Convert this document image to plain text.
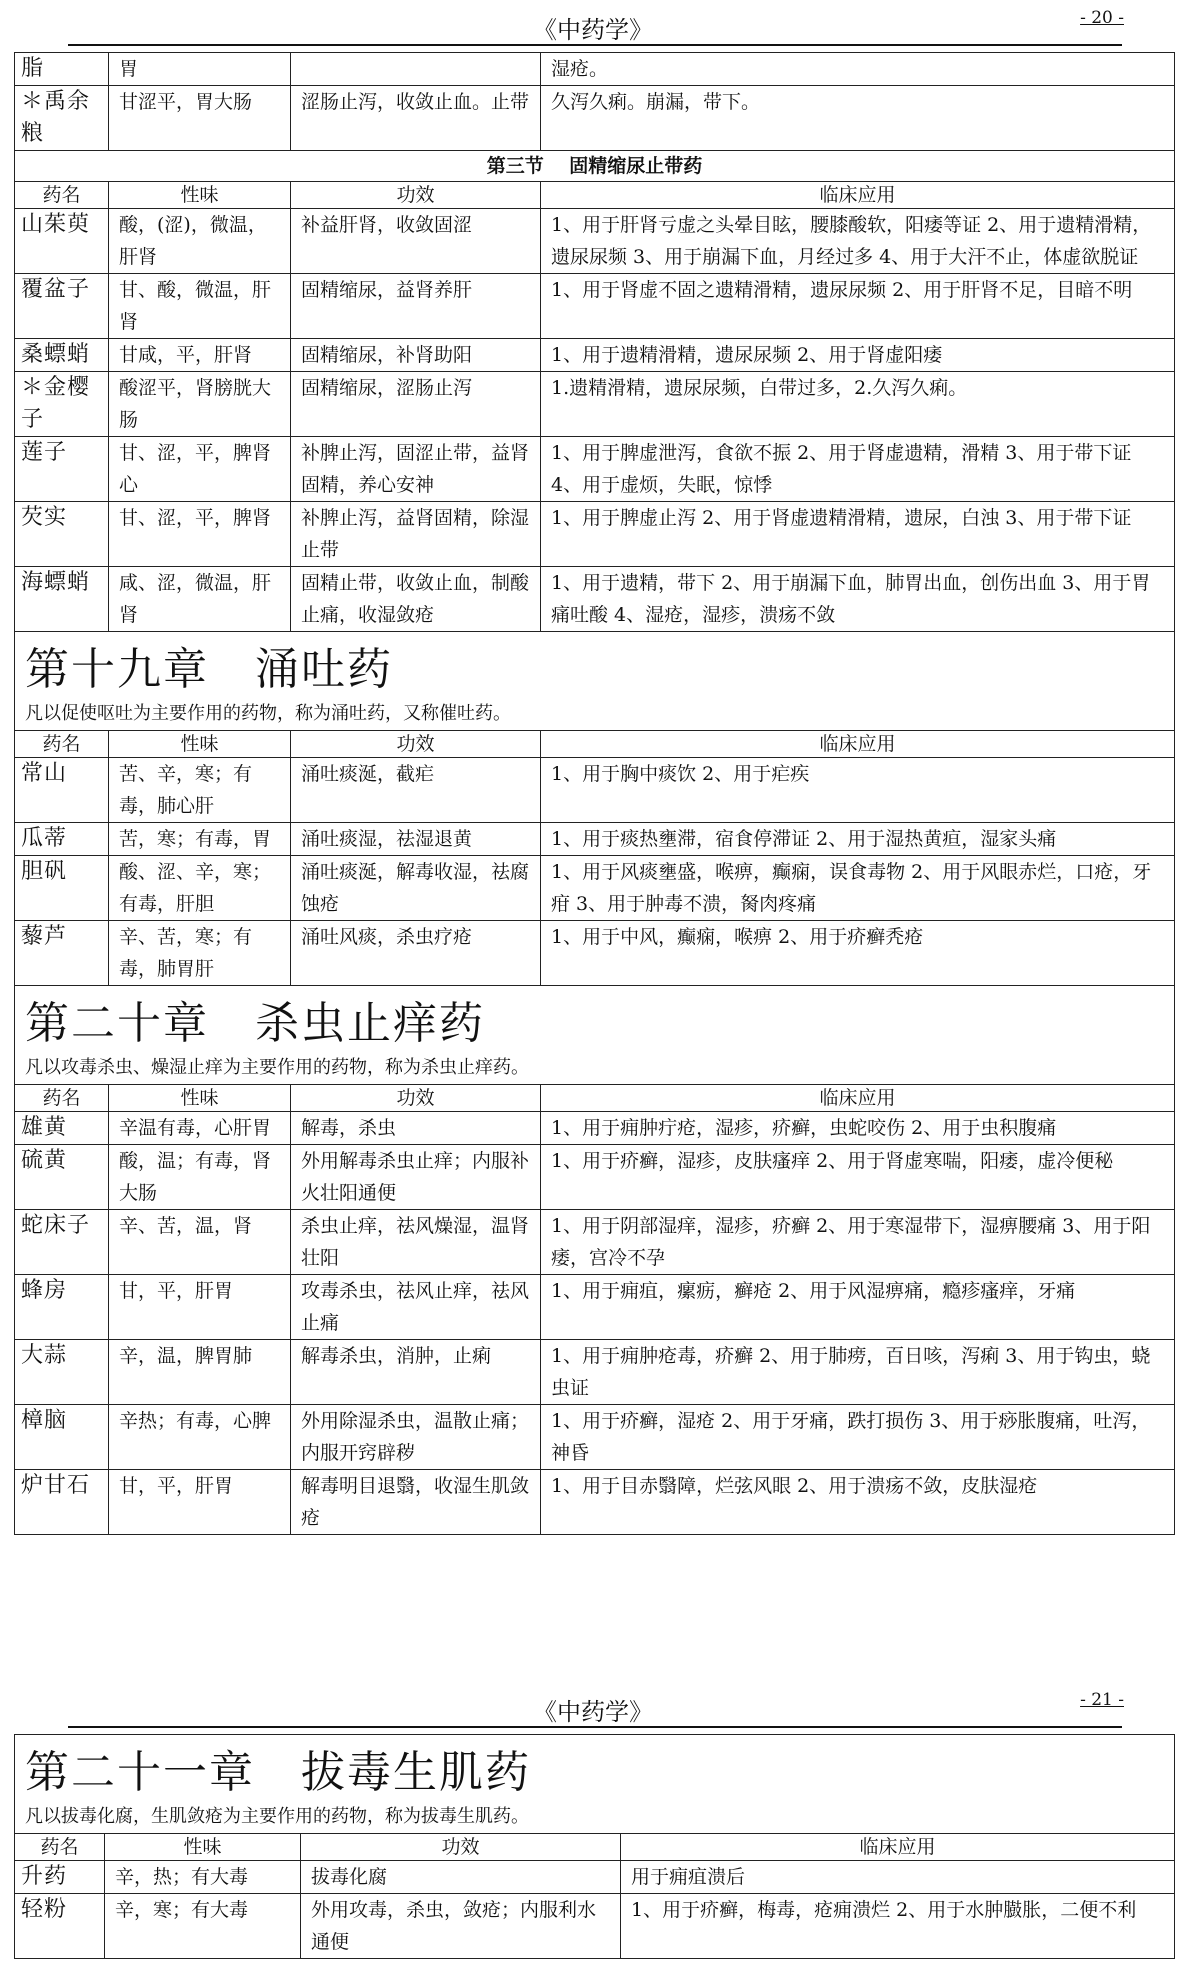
《中药学》	- 20 -
脂	胃		湿疮。
＊禹余粮	甘涩平，胃大肠	涩肠止泻，收敛止血。止带	久泻久痢。崩漏，带下。
第三节　 固精缩尿止带药			
药名	性味	功效	临床应用
山茱萸	酸，(涩)，微温，肝肾	补益肝肾，收敛固涩	1、用于肝肾亏虚之头晕目眩，腰膝酸软，阳痿等证 2、用于遗精滑精，遗尿尿频 3、用于崩漏下血，月经过多 4、用于大汗不止，体虚欲脱证
覆盆子	甘、酸，微温，肝肾	固精缩尿，益肾养肝	1、用于肾虚不固之遗精滑精，遗尿尿频 2、用于肝肾不足，目暗不明
桑螵蛸	甘咸，平，肝肾	固精缩尿，补肾助阳	1、用于遗精滑精，遗尿尿频 2、用于肾虚阳痿
＊金樱子	酸涩平，肾膀胱大肠	固精缩尿，涩肠止泻	1.遗精滑精，遗尿尿频，白带过多，2.久泻久痢。
莲子	甘、涩，平，脾肾心	补脾止泻，固涩止带，益肾固精，养心安神	1、用于脾虚泄泻，食欲不振 2、用于肾虚遗精，滑精 3、用于带下证 4、用于虚烦，失眠，惊悸
芡实	甘、涩，平，脾肾	补脾止泻，益肾固精，除湿止带	1、用于脾虚止泻 2、用于肾虚遗精滑精，遗尿，白浊 3、用于带下证
海螵蛸	咸、涩，微温，肝肾	固精止带，收敛止血，制酸止痛，收湿敛疮	1、用于遗精，带下 2、用于崩漏下血，肺胃出血，创伤出血 3、用于胃痛吐酸 4、湿疮，湿疹，溃疡不敛

第十九章　涌吐药
凡以促使呕吐为主要作用的药物，称为涌吐药，又称催吐药。			

药名	性味	功效	临床应用
常山	苦、辛，寒；有毒，肺心肝	涌吐痰涎，截疟	1、用于胸中痰饮 2、用于疟疾
瓜蒂	苦，寒；有毒，胃	涌吐痰湿，祛湿退黄	1、用于痰热壅滞，宿食停滞证 2、用于湿热黄疸，湿家头痛
胆矾	酸、涩、辛，寒；有毒，肝胆	涌吐痰涎，解毒收湿，祛腐蚀疮	1、用于风痰壅盛，喉痹，癫痫，误食毒物 2、用于风眼赤烂，口疮，牙疳 3、用于肿毒不溃，胬肉疼痛
藜芦	辛、苦，寒；有毒，肺胃肝	涌吐风痰，杀虫疗疮	1、用于中风，癫痫，喉痹 2、用于疥癣秃疮

第二十章　杀虫止痒药
凡以攻毒杀虫、燥湿止痒为主要作用的药物，称为杀虫止痒药。			

药名	性味	功效	临床应用
雄黄	辛温有毒，心肝胃	解毒，杀虫	1、用于痈肿疔疮，湿疹，疥癣，虫蛇咬伤 2、用于虫积腹痛
硫黄	酸，温；有毒，肾大肠	外用解毒杀虫止痒；内服补火壮阳通便	1、用于疥癣，湿疹，皮肤瘙痒 2、用于肾虚寒喘，阳痿，虚冷便秘
蛇床子	辛、苦，温，肾	杀虫止痒，祛风燥湿，温肾壮阳	1、用于阴部湿痒，湿疹，疥癣 2、用于寒湿带下，湿痹腰痛 3、用于阳痿，宫冷不孕
蜂房	甘，平，肝胃	攻毒杀虫，祛风止痒，祛风止痛	1、用于痈疽，瘰疬，癣疮 2、用于风湿痹痛，瘾疹瘙痒，牙痛
大蒜	辛，温，脾胃肺	解毒杀虫，消肿，止痢	1、用于痈肿疮毒，疥癣 2、用于肺痨，百日咳，泻痢 3、用于钩虫，蛲虫证
樟脑	辛热；有毒，心脾	外用除湿杀虫，温散止痛；内服开窍辟秽	1、用于疥癣，湿疮 2、用于牙痛，跌打损伤 3、用于痧胀腹痛，吐泻，神昏
炉甘石	甘，平，肝胃	解毒明目退翳，收湿生肌敛疮	1、用于目赤翳障，烂弦风眼 2、用于溃疡不敛，皮肤湿疮
《中药学》	- 21 -
第二十一章　拔毒生肌药
凡以拔毒化腐，生肌敛疮为主要作用的药物，称为拔毒生肌药。			

药名	性味	功效	临床应用
升药	辛，热；有大毒	拔毒化腐	用于痈疽溃后
轻粉	辛，寒；有大毒	外用攻毒，杀虫，敛疮；内服利水通便	1、用于疥癣，梅毒，疮痈溃烂 2、用于水肿臌胀，二便不利
